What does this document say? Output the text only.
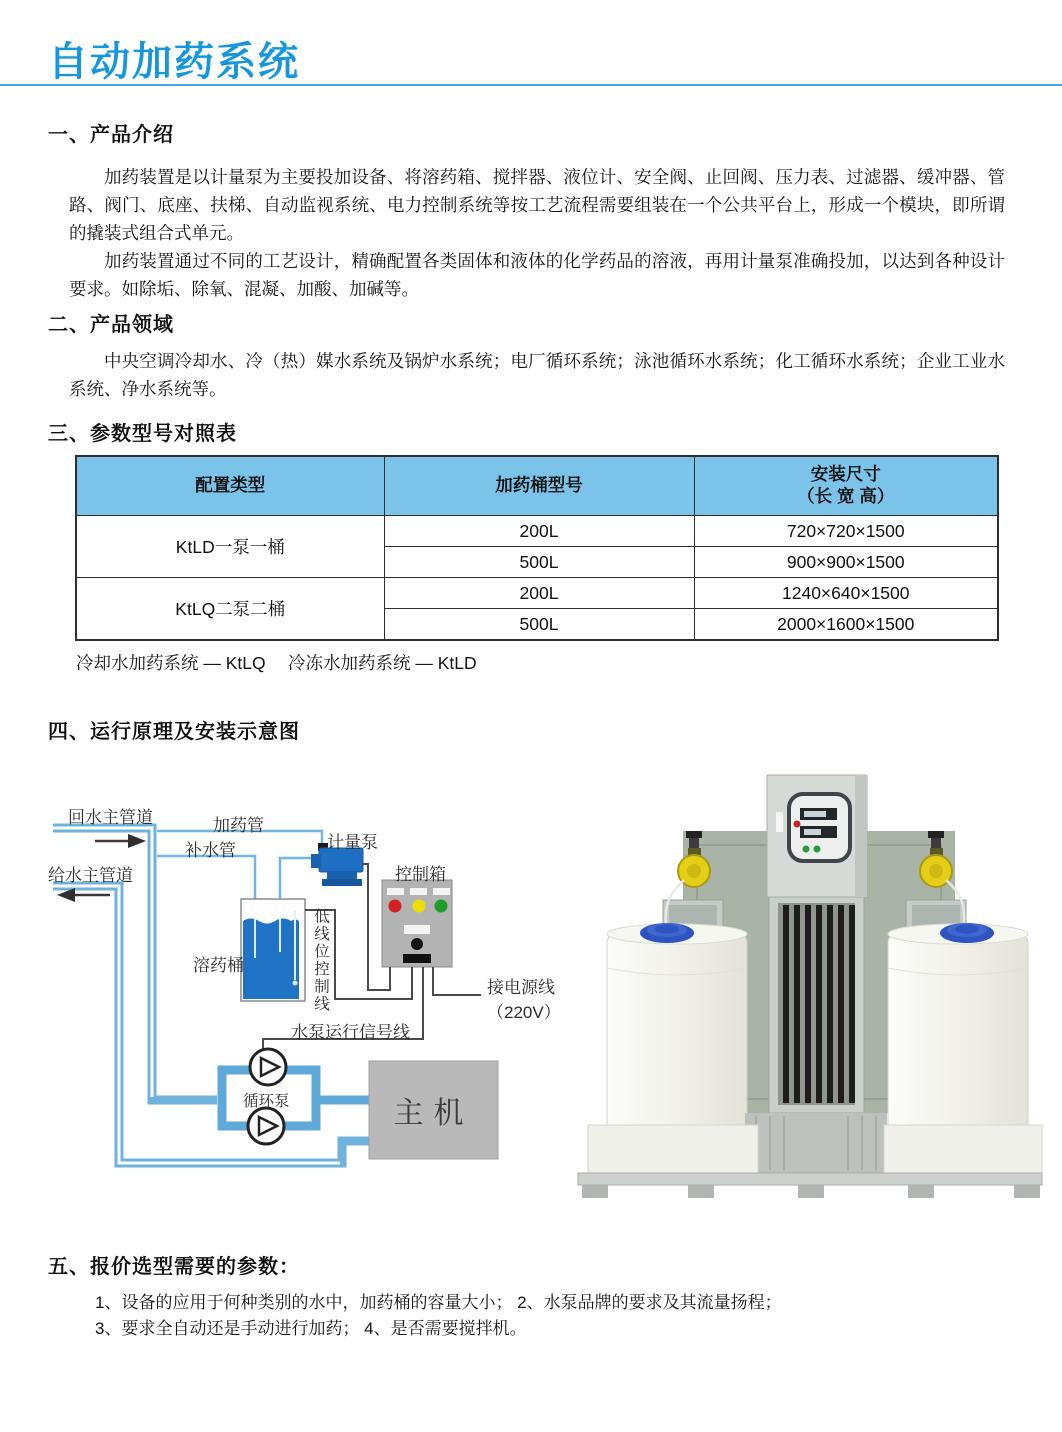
自动加药系统
一、产品介绍

加药装置是以计量泵为主要投加设备、将溶药箱、搅拌器、液位计、安全阀、止回阀、压力表、过滤器、缓冲器、管路、阀门、底座、扶梯、自动监视系统、电力控制系统等按工艺流程需要组装在一个公共平台上，形成一个模块，即所谓的撬装式组合式单元。

加药装置通过不同的工艺设计，精确配置各类固体和液体的化学药品的溶液，再用计量泵准确投加，以达到各种设计要求。如除垢、除氧、混凝、加酸、加碱等。

二、产品领域

中央空调冷却水、冷（热）媒水系统及锅炉水系统；电厂循环系统；泳池循环水系统；化工循环水系统；企业工业水系统、净水系统等。

三、参数型号对照表
配置类型	加药桶型号	安装尺寸
（长 宽 高）

KtLD一泵一桶	200L	720×720×1500
	500L	900×900×1500
KtLQ二泵二桶	200L	1240×640×1500
	500L	2000×1600×1500
冷却水加药系统 — KtLQ　 冷冻水加药系统 — KtLD
四、运行原理及安装示意图
回水主管道	加药管
补水管	计量泵
控制箱
给水主管道
溶药桶	低线位控制线	接电源线
（220V）
水泵运行信号线
循环泵	主机
五、报价选型需要的参数：
1、设备的应用于何种类别的水中，加药桶的容量大小； 2、水泵品牌的要求及其流量扬程；
3、要求全自动还是手动进行加药； 4、是否需要搅拌机。
